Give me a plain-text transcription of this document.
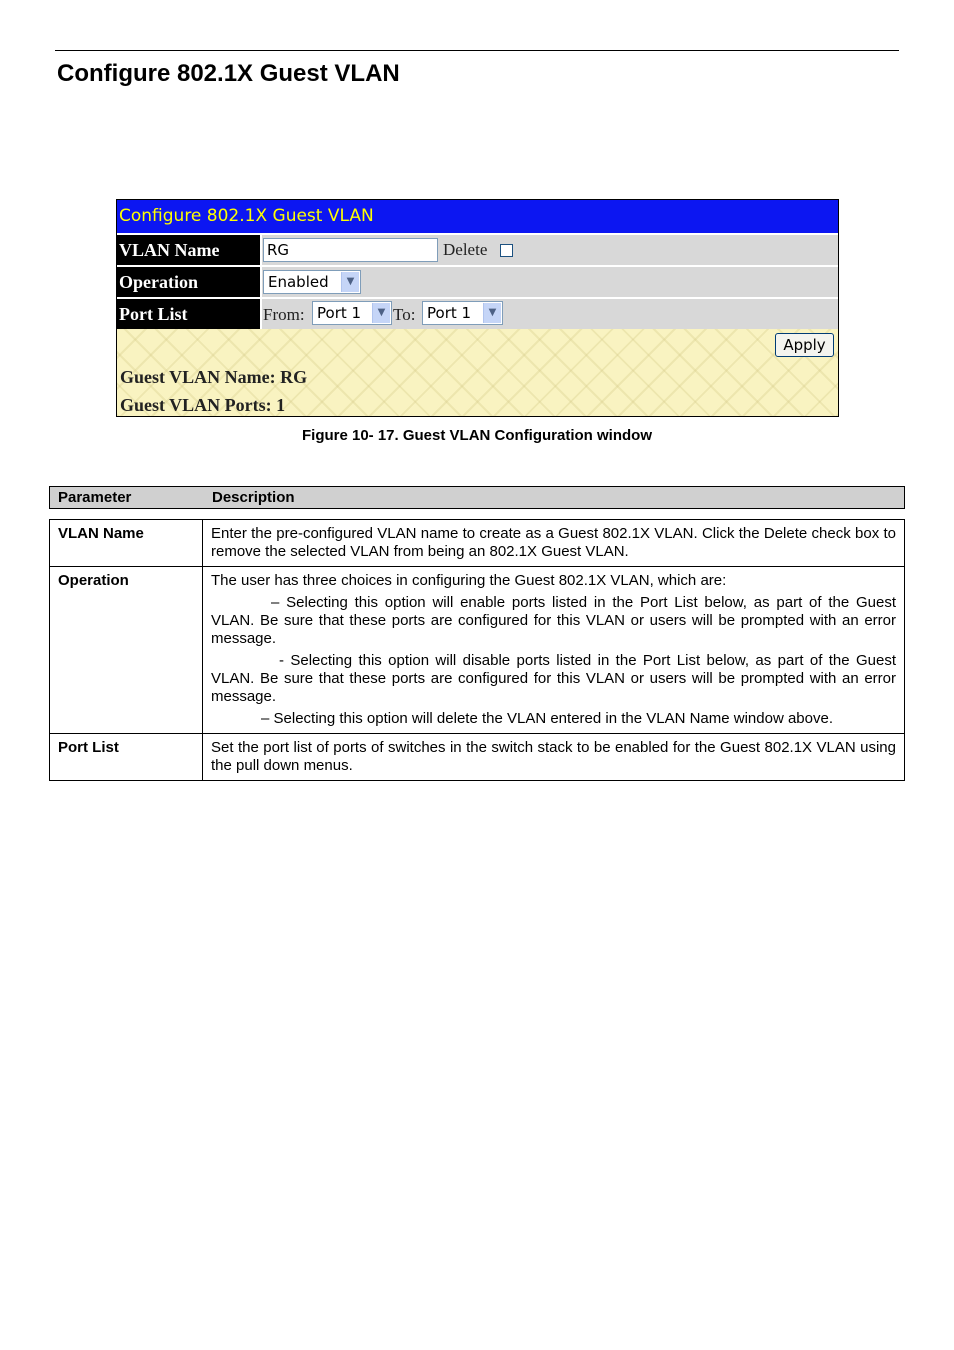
Configure 802.1X Guest VLAN
Configure 802.1X Guest VLAN
VLAN Name	RG	Delete
Operation	Enabled	▼
Port List	From: Port 1	▼ To: Port 1	▼
Apply
Guest VLAN Name: RG
Guest VLAN Ports: 1
Figure 10- 17. Guest VLAN Configuration window
Parameter	Description
VLAN Name	Enter the pre-configured VLAN name to create as a Guest 802.1X VLAN. Click the Delete check box to remove the selected VLAN from being an 802.1X Guest VLAN.

Operation	The user has three choices in configuring the Guest 802.1X VLAN, which are:

– Selecting this option will enable ports listed in the Port List below, as part of the Guest VLAN. Be sure that these ports are configured for this VLAN or users will be prompted with an error message.

- Selecting this option will disable ports listed in the Port List below, as part of the Guest VLAN. Be sure that these ports are configured for this VLAN or users will be prompted with an error message.

– Selecting this option will delete the VLAN entered in the VLAN Name window above.

Port List	Set the port list of ports of switches in the switch stack to be enabled for the Guest 802.1X VLAN using the pull down menus.
